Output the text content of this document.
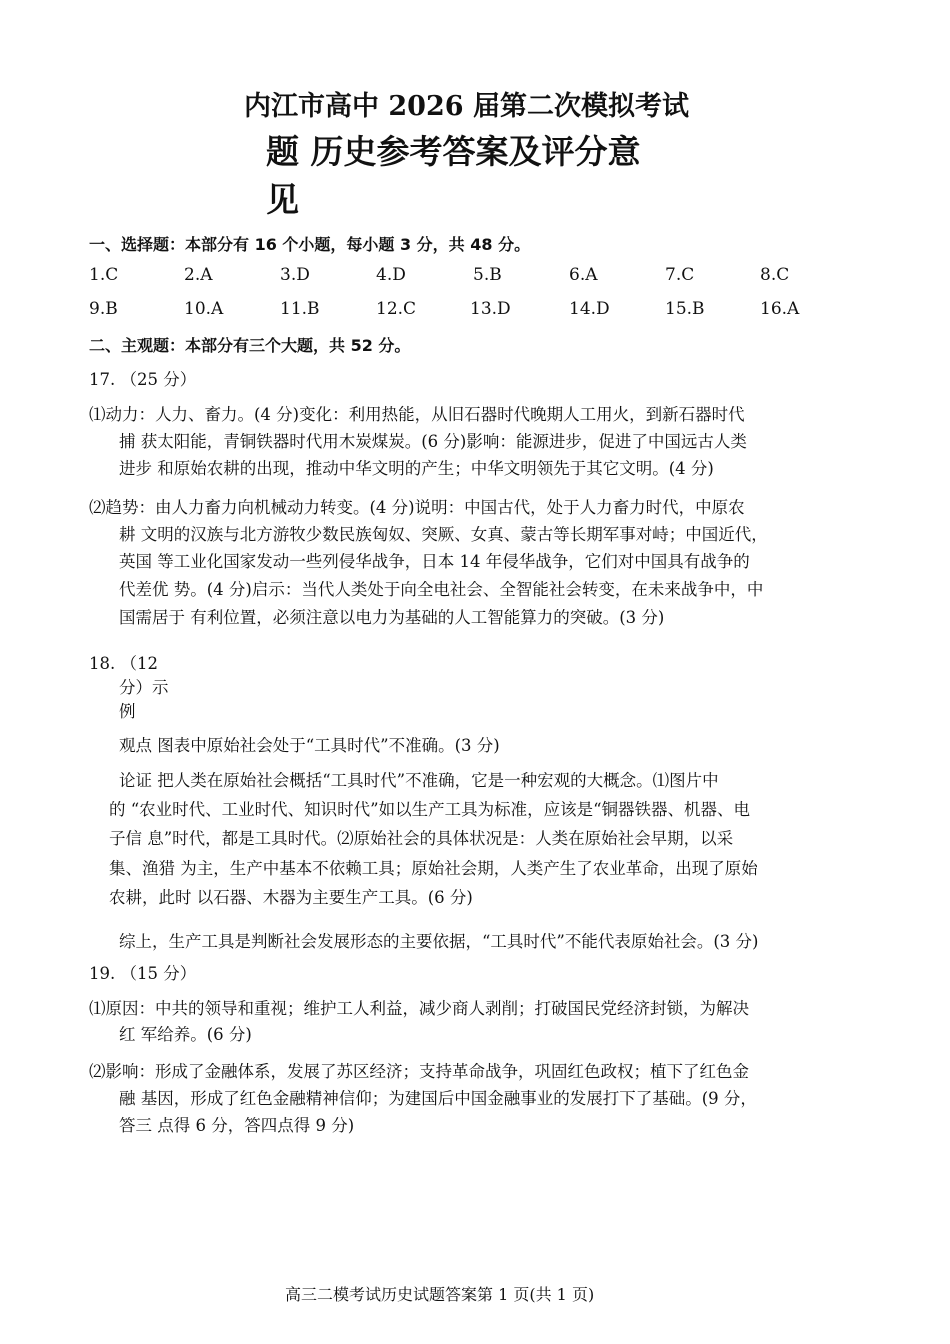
内江市高中 2026 届第二次模拟考试
题 历史参考答案及评分意
见
一、选择题：本部分有 16 个小题，每小题 3 分，共 48 分。
1.C	2.A	3.D	4.D	5.B	6.A	7.C	8.C
9.B	10.A	11.B	12.C	13.D	14.D	15.B	16.A
二、主观题：本部分有三个大题，共 52 分。
17. （25 分）
⑴动力：人力、畜力。(4 分)变化：利用热能，从旧石器时代晚期人工用火，到新石器时代
捕 获太阳能，青铜铁器时代用木炭煤炭。(6 分)影响：能源进步，促进了中国远古人类
进步 和原始农耕的出现，推动中华文明的产生；中华文明领先于其它文明。(4 分)
⑵趋势：由人力畜力向机械动力转变。(4 分)说明：中国古代，处于人力畜力时代，中原农
耕 文明的汉族与北方游牧少数民族匈奴、突厥、女真、蒙古等长期军事对峙；中国近代，
英国 等工业化国家发动一些列侵华战争，日本 14 年侵华战争，它们对中国具有战争的
代差优 势。(4 分)启示：当代人类处于向全电社会、全智能社会转变，在未来战争中，中
国需居于 有利位置，必须注意以电力为基础的人工智能算力的突破。(3 分)
18. （12
分）示
例
观点 图表中原始社会处于“工具时代”不准确。(3 分)
论证 把人类在原始社会概括“工具时代”不准确，它是一种宏观的大概念。⑴图片中
的 “农业时代、工业时代、知识时代”如以生产工具为标准，应该是“铜器铁器、机器、电
子信 息”时代，都是工具时代。⑵原始社会的具体状况是：人类在原始社会早期，以采
集、渔猎 为主，生产中基本不依赖工具；原始社会期，人类产生了农业革命，出现了原始
农耕，此时 以石器、木器为主要生产工具。(6 分)
综上，生产工具是判断社会发展形态的主要依据，“工具时代”不能代表原始社会。(3 分)
19. （15 分）
⑴原因：中共的领导和重视；维护工人利益，减少商人剥削；打破国民党经济封锁，为解决
红 军给养。(6 分)
⑵影响：形成了金融体系，发展了苏区经济；支持革命战争，巩固红色政权；植下了红色金
融 基因，形成了红色金融精神信仰；为建国后中国金融事业的发展打下了基础。(9 分，
答三 点得 6 分，答四点得 9 分)
高三二模考试历史试题答案第 1 页(共 1 页)
